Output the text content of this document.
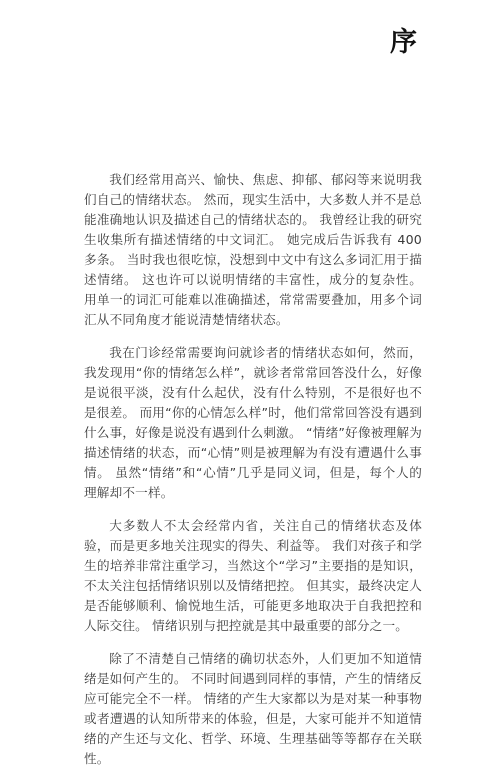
序

我们经常用高兴、愉快、焦虑、抑郁、郁闷等来说明我们自己的情绪状态。 然而，现实生活中，大多数人并不是总能准确地认识及描述自己的情绪状态的。 我曾经让我的研究生收集所有描述情绪的中文词汇。 她完成后告诉我有 400 多条。 当时我也很吃惊，没想到中文中有这么多词汇用于描述情绪。 这也许可以说明情绪的丰富性，成分的复杂性。 用单一的词汇可能难以准确描述，常常需要叠加，用多个词汇从不同角度才能说清楚情绪状态。

我在门诊经常需要询问就诊者的情绪状态如何，然而，我发现用“你的情绪怎么样”，就诊者常常回答没什么，好像是说很平淡，没有什么起伏，没有什么特别，不是很好也不是很差。 而用“你的心情怎么样”时，他们常常回答没有遇到什么事，好像是说没有遇到什么刺激。 “情绪”好像被理解为描述情绪的状态，而“心情”则是被理解为有没有遭遇什么事情。 虽然“情绪”和“心情”几乎是同义词，但是，每个人的理解却不一样。

大多数人不太会经常内省，关注自己的情绪状态及体验，而是更多地关注现实的得失、利益等。 我们对孩子和学生的培养非常注重学习，当然这个“学习”主要指的是知识，不太关注包括情绪识别以及情绪把控。 但其实，最终决定人是否能够顺利、愉悦地生活，可能更多地取决于自我把控和人际交往。 情绪识别与把控就是其中最重要的部分之一。

除了不清楚自己情绪的确切状态外，人们更加不知道情绪是如何产生的。 不同时间遇到同样的事情，产生的情绪反应可能完全不一样。 情绪的产生大家都以为是对某一种事物或者遭遇的认知所带来的体验，但是，大家可能并不知道情绪的产生还与文化、哲学、环境、生理基础等等都存在关联性。
